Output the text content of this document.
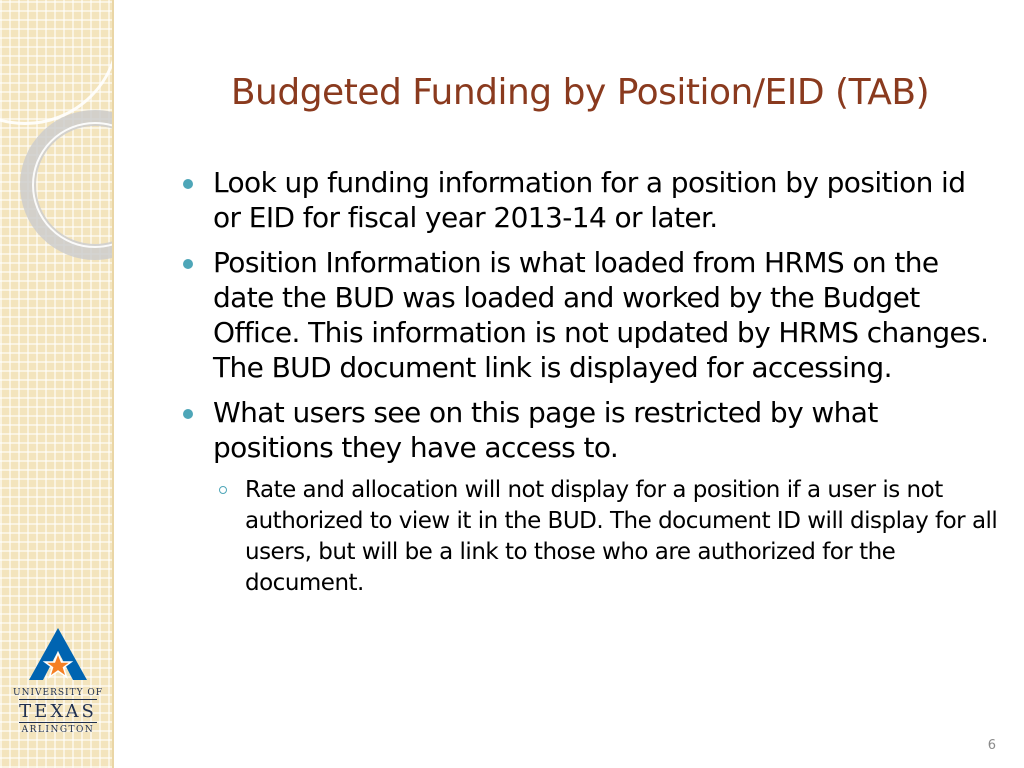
UNIVERSITY OF
TEXAS
ARLINGTON
Budgeted Funding by Position/EID (TAB)
Look up funding information for a position by position id or EID for fiscal year 2013-14 or later.
Position Information is what loaded from HRMS on the date the BUD was loaded and worked by the Budget Office. This information is not updated by HRMS changes. The BUD document link is displayed for accessing.
What users see on this page is restricted by what positions they have access to.
Rate and allocation will not display for a position if a user is not authorized to view it in the BUD. The document ID will display for all users, but will be a link to those who are authorized for the document.
6
